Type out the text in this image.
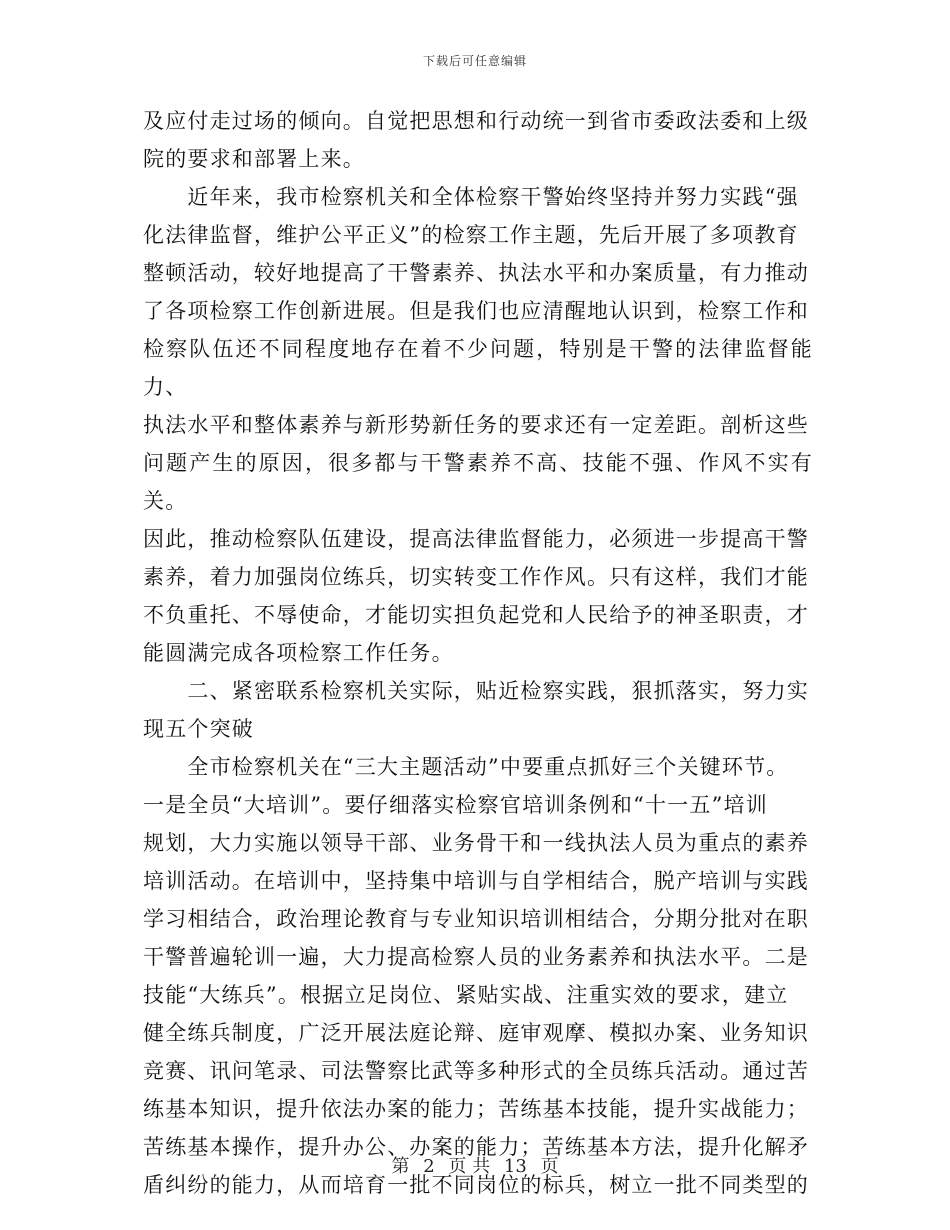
下载后可任意编辑
及应付走过场的倾向。自觉把思想和行动统一到省市委政法委和上级
院的要求和部署上来。
　　近年来，我市检察机关和全体检察干警始终坚持并努力实践“强
化法律监督，维护公平正义”的检察工作主题，先后开展了多项教育
整顿活动，较好地提高了干警素养、执法水平和办案质量，有力推动
了各项检察工作创新进展。但是我们也应清醒地认识到，检察工作和
检察队伍还不同程度地存在着不少问题，特别是干警的法律监督能力、
执法水平和整体素养与新形势新任务的要求还有一定差距。剖析这些
问题产生的原因，很多都与干警素养不高、技能不强、作风不实有关。
因此，推动检察队伍建设，提高法律监督能力，必须进一步提高干警
素养，着力加强岗位练兵，切实转变工作作风。只有这样，我们才能
不负重托、不辱使命，才能切实担负起党和人民给予的神圣职责，才
能圆满完成各项检察工作任务。
　　二、紧密联系检察机关实际，贴近检察实践，狠抓落实，努力实
现五个突破
　　全市检察机关在“三大主题活动”中要重点抓好三个关键环节。
一是全员“大培训”。要仔细落实检察官培训条例和“十一五”培训
规划，大力实施以领导干部、业务骨干和一线执法人员为重点的素养
培训活动。在培训中，坚持集中培训与自学相结合，脱产培训与实践
学习相结合，政治理论教育与专业知识培训相结合，分期分批对在职
干警普遍轮训一遍，大力提高检察人员的业务素养和执法水平。二是
技能“大练兵”。根据立足岗位、紧贴实战、注重实效的要求，建立
健全练兵制度，广泛开展法庭论辩、庭审观摩、模拟办案、业务知识
竞赛、讯问笔录、司法警察比武等多种形式的全员练兵活动。通过苦
练基本知识，提升依法办案的能力；苦练基本技能，提升实战能力；
苦练基本操作，提升办公、办案的能力；苦练基本方法，提升化解矛
盾纠纷的能力，从而培育一批不同岗位的标兵，树立一批不同类型的
第 2 页 共 13 页
